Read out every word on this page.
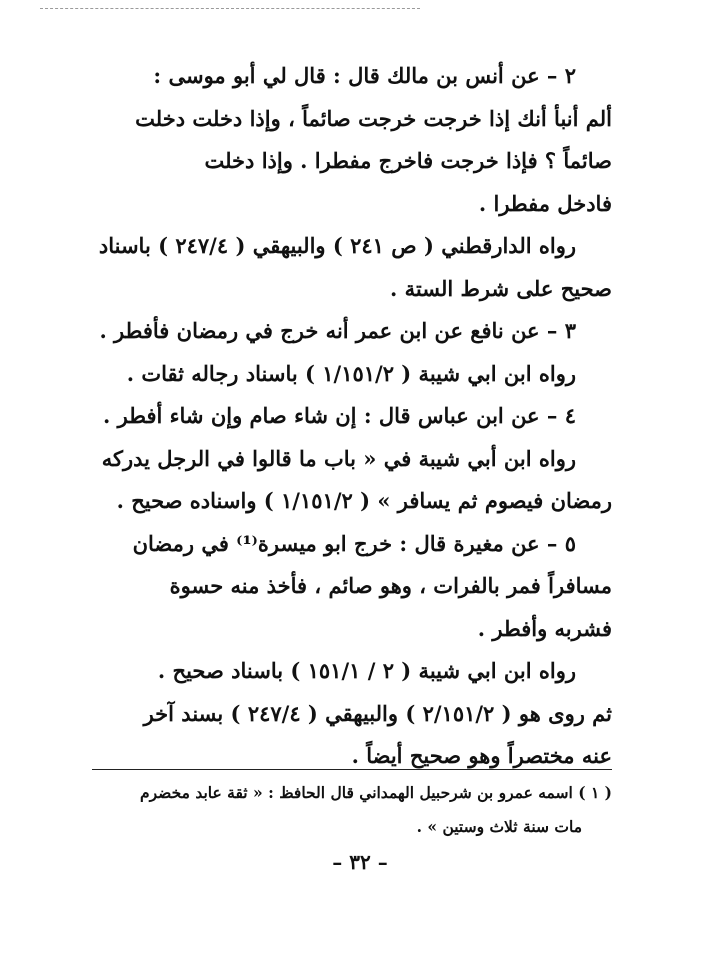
٢ – عن أنس بن مالك قال : قال لي أبو موسى :
ألم أنبأ أنك إذا خرجت خرجت صائماً ، وإذا دخلت دخلت
صائماً ؟ فإذا خرجت فاخرج مفطرا . وإذا دخلت
فادخل مفطرا .
رواه الدارقطني ( ص ٢٤١ ) والبيهقي ( ٢٤٧/٤ ) باسناد
صحيح على شرط الستة .
٣ – عن نافع عن ابن عمر أنه خرج في رمضان فأفطر .
رواه ابن ابي شيبة ( ١/١٥١/٢ ) باسناد رجاله ثقات .
٤ – عن ابن عباس قال : إن شاء صام وإن شاء أفطر .
رواه ابن أبي شيبة في « باب ما قالوا في الرجل يدركه
رمضان فيصوم ثم يسافر » ( ١/١٥١/٢ ) واسناده صحيح .
٥ – عن مغيرة قال : خرج ابو ميسرة⁽¹⁾ في رمضان
مسافراً فمر بالفرات ، وهو صائم ، فأخذ منه حسوة
فشربه وأفطر .
رواه ابن ابي شيبة ( ٢ / ١٥١/١ ) باسناد صحيح .
ثم روى هو ( ٢/١٥١/٢ ) والبيهقي ( ٢٤٧/٤ ) بسند آخر
عنه مختصراً وهو صحيح أيضاً .
( ١ ) اسمه عمرو بن شرحبيل الهمداني قال الحافظ : « ثقة عابد مخضرم
مات سنة ثلاث وستين » .
– ٣٢ –
